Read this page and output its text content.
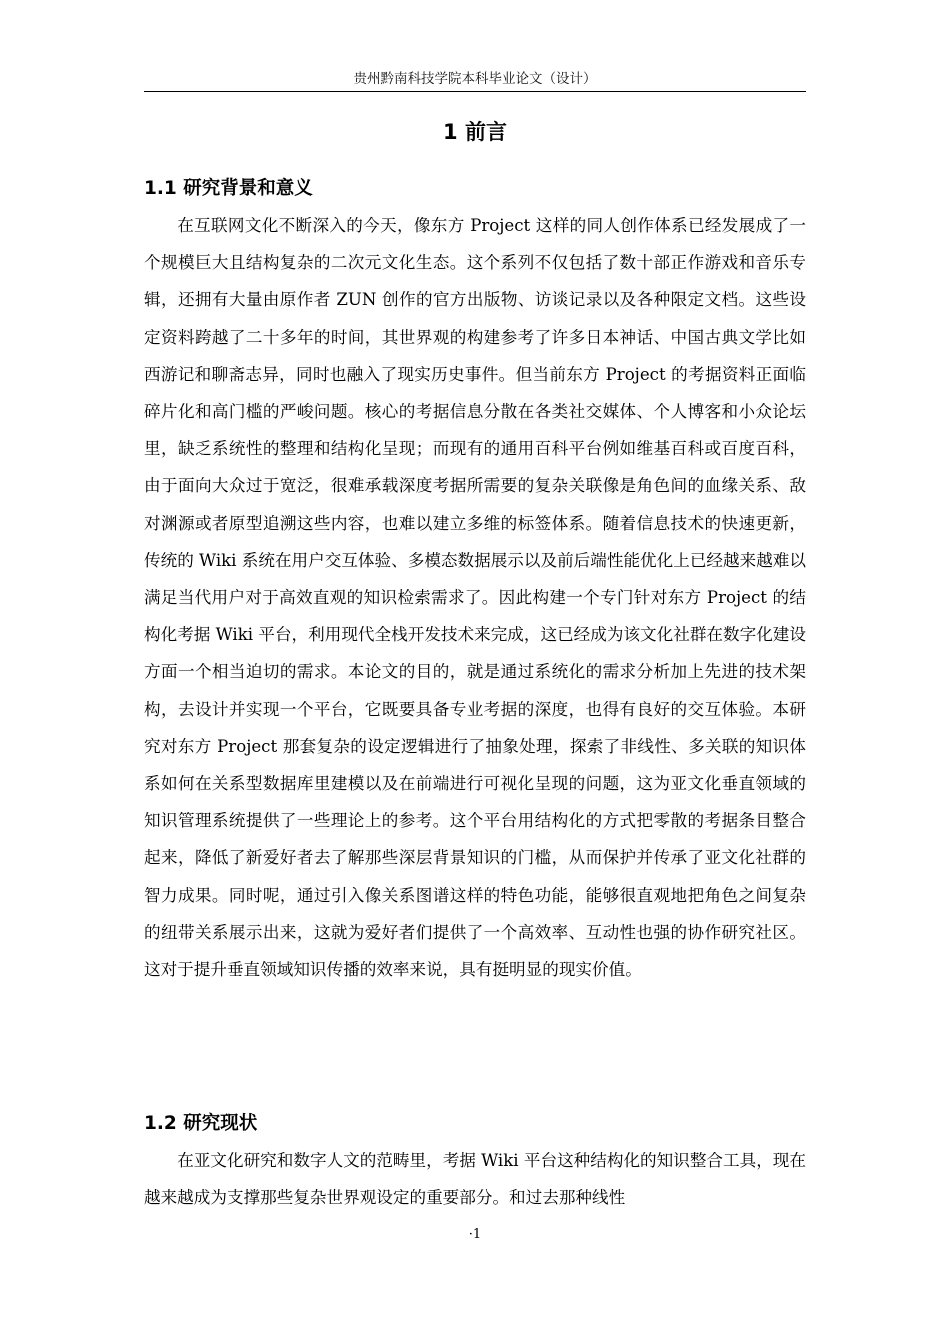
贵州黔南科技学院本科毕业论文（设计）
1 前言
1.1 研究背景和意义

在互联网文化不断深入的今天，像东方 Project 这样的同人创作体系已经发展成了一个规模巨大且结构复杂的二次元文化生态。这个系列不仅包括了数十部正作游戏和音乐专辑，还拥有大量由原作者 ZUN 创作的官方出版物、访谈记录以及各种限定文档。这些设定资料跨越了二十多年的时间，其世界观的构建参考了许多日本神话、中国古典文学比如西游记和聊斋志异，同时也融入了现实历史事件。但当前东方 Project 的考据资料正面临碎片化和高门槛的严峻问题。核心的考据信息分散在各类社交媒体、个人博客和小众论坛里，缺乏系统性的整理和结构化呈现；而现有的通用百科平台例如维基百科或百度百科，由于面向大众过于宽泛，很难承载深度考据所需要的复杂关联像是角色间的血缘关系、敌对渊源或者原型追溯这些内容，也难以建立多维的标签体系。随着信息技术的快速更新，传统的 Wiki 系统在用户交互体验、多模态数据展示以及前后端性能优化上已经越来越难以满足当代用户对于高效直观的知识检索需求了。因此构建一个专门针对东方 Project 的结构化考据 Wiki 平台，利用现代全栈开发技术来完成，这已经成为该文化社群在数字化建设方面一个相当迫切的需求。本论文的目的，就是通过系统化的需求分析加上先进的技术架构，去设计并实现一个平台，它既要具备专业考据的深度，也得有良好的交互体验。本研究对东方 Project 那套复杂的设定逻辑进行了抽象处理，探索了非线性、多关联的知识体系如何在关系型数据库里建模以及在前端进行可视化呈现的问题，这为亚文化垂直领域的知识管理系统提供了一些理论上的参考。这个平台用结构化的方式把零散的考据条目整合起来，降低了新爱好者去了解那些深层背景知识的门槛，从而保护并传承了亚文化社群的智力成果。同时呢，通过引入像关系图谱这样的特色功能，能够很直观地把角色之间复杂的纽带关系展示出来，这就为爱好者们提供了一个高效率、互动性也强的协作研究社区。这对于提升垂直领域知识传播的效率来说，具有挺明显的现实价值。

1.2 研究现状

在亚文化研究和数字人文的范畴里，考据 Wiki 平台这种结构化的知识整合工具，现在越来越成为支撑那些复杂世界观设定的重要部分。和过去那种线性

·1
